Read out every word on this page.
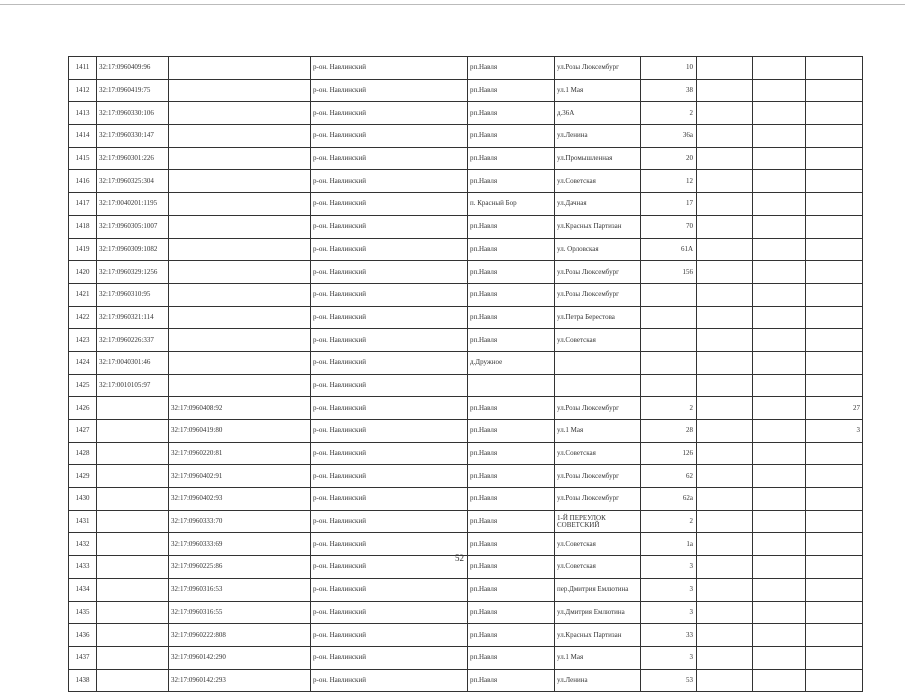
1411	32:17:0960409:96		р-он. Навлинский	рп.Навля	ул.Розы Люксембург	10			
1412	32:17:0960419:75		р-он. Навлинский	рп.Навля	ул.1 Мая	38			
1413	32:17:0960330:106		р-он. Навлинский	рп.Навля	д.36А	2			
1414	32:17:0960330:147		р-он. Навлинский	рп.Навля	ул.Ленина	36а			
1415	32:17:0960301:226		р-он. Навлинский	рп.Навля	ул.Промышленная	20			
1416	32:17:0960325:304		р-он. Навлинский	рп.Навля	ул.Советская	12			
1417	32:17:0040201:1195		р-он. Навлинский	п. Красный Бор	ул.Дачная	17			
1418	32:17:0960305:1007		р-он. Навлинский	рп.Навля	ул.Красных Партизан	70			
1419	32:17:0960309:1082		р-он. Навлинский	рп.Навля	ул. Орловская	61А			
1420	32:17:0960329:1256		р-он. Навлинский	рп.Навля	ул.Розы Люксембург	156			
1421	32:17:0960310:95		р-он. Навлинский	рп.Навля	ул.Розы Люксембург				
1422	32:17:0960321:114		р-он. Навлинский	рп.Навля	ул.Петра Берестова				
1423	32:17:0960226:337		р-он. Навлинский	рп.Навля	ул.Советская				
1424	32:17:0040301:46		р-он. Навлинский	д.Дружное					
1425	32:17:0010105:97		р-он. Навлинский						
1426		32:17:0960408:92	р-он. Навлинский	рп.Навля	ул.Розы Люксембург	2			27
1427		32:17:0960419:80	р-он. Навлинский	рп.Навля	ул.1 Мая	28			3
1428		32:17:0960220:81	р-он. Навлинский	рп.Навля	ул.Советская	126			
1429		32:17:0960402:91	р-он. Навлинский	рп.Навля	ул.Розы Люксембург	62			
1430		32:17:0960402:93	р-он. Навлинский	рп.Навля	ул.Розы Люксембург	62а			
1431		32:17:0960333:70	р-он. Навлинский	рп.Навля	1-Й ПЕРЕУЛОК СОВЕТСКИЙ	2			
1432		32:17:0960333:69	р-он. Навлинский	рп.Навля	ул.Советская	1а			
1433		32:17:0960225:86	р-он. Навлинский	рп.Навля	ул.Советская	3			
1434		32:17:0960316:53	р-он. Навлинский	рп.Навля	пер.Дмитрия Емлютина	3			
1435		32:17:0960316:55	р-он. Навлинский	рп.Навля	ул.Дмитрия Емлютина	3			
1436		32:17:0960222:808	р-он. Навлинский	рп.Навля	ул.Красных Партизан	33			
1437		32:17:0960142:290	р-он. Навлинский	рп.Навля	ул.1 Мая	3			
1438		32:17:0960142:293	р-он. Навлинский	рп.Навля	ул.Ленина	53			
52
